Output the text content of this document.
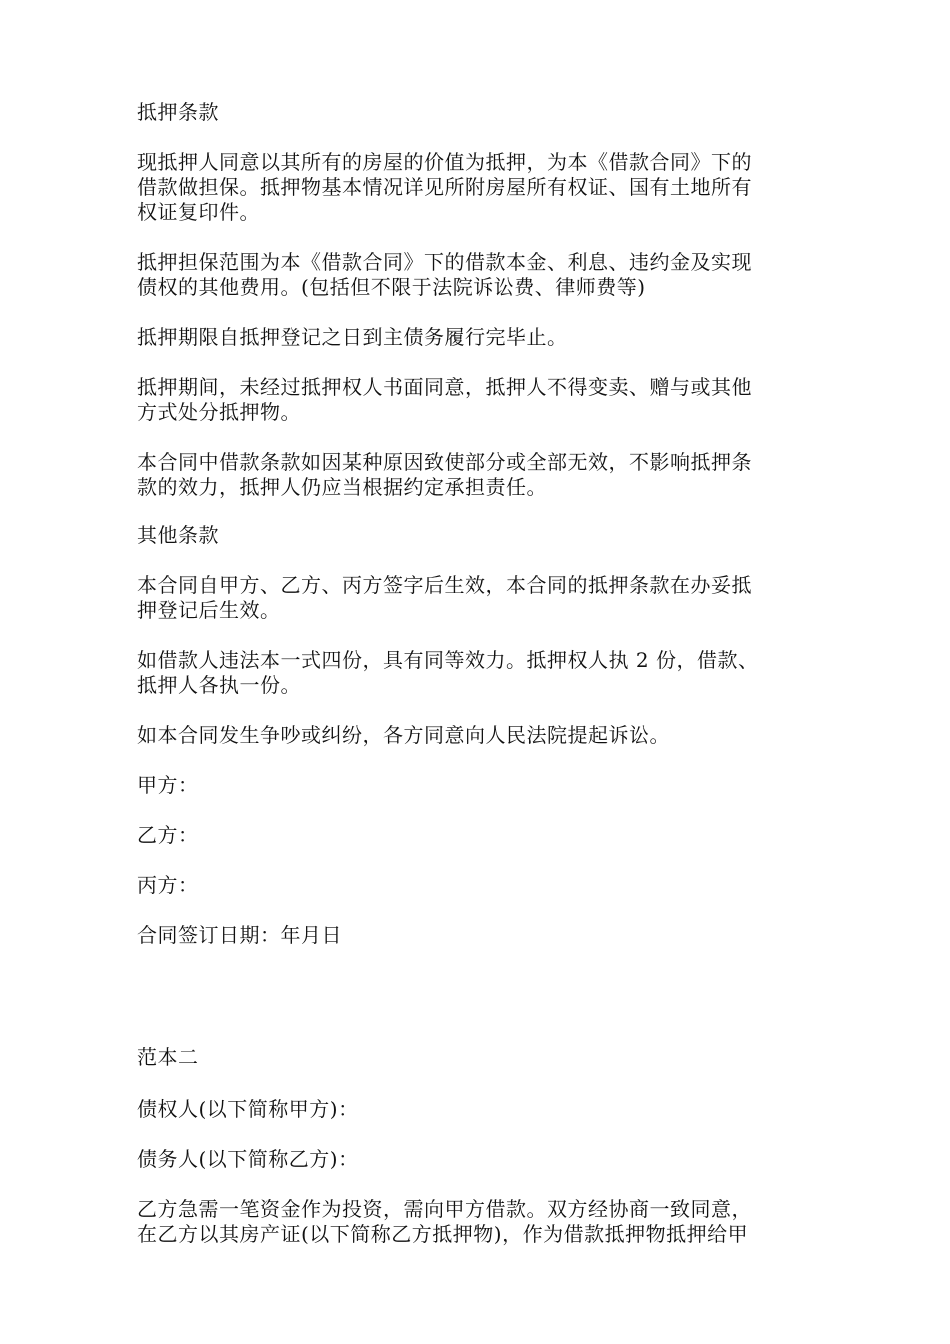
抵押条款

现抵押人同意以其所有的房屋的价值为抵押，为本《借款合同》下的
借款做担保。抵押物基本情况详见所附房屋所有权证、国有土地所有
权证复印件。

抵押担保范围为本《借款合同》下的借款本金、利息、违约金及实现
债权的其他费用。(包括但不限于法院诉讼费、律师费等)

抵押期限自抵押登记之日到主债务履行完毕止。

抵押期间，未经过抵押权人书面同意，抵押人不得变卖、赠与或其他
方式处分抵押物。

本合同中借款条款如因某种原因致使部分或全部无效，不影响抵押条
款的效力，抵押人仍应当根据约定承担责任。

其他条款

本合同自甲方、乙方、丙方签字后生效，本合同的抵押条款在办妥抵
押登记后生效。

如借款人违法本一式四份，具有同等效力。抵押权人执 2 份，借款、
抵押人各执一份。

如本合同发生争吵或纠纷，各方同意向人民法院提起诉讼。

甲方：

乙方：

丙方：

合同签订日期：年月日

范本二

债权人(以下简称甲方)：

债务人(以下简称乙方)：

乙方急需一笔资金作为投资，需向甲方借款。双方经协商一致同意，
在乙方以其房产证(以下简称乙方抵押物)，作为借款抵押物抵押给甲
